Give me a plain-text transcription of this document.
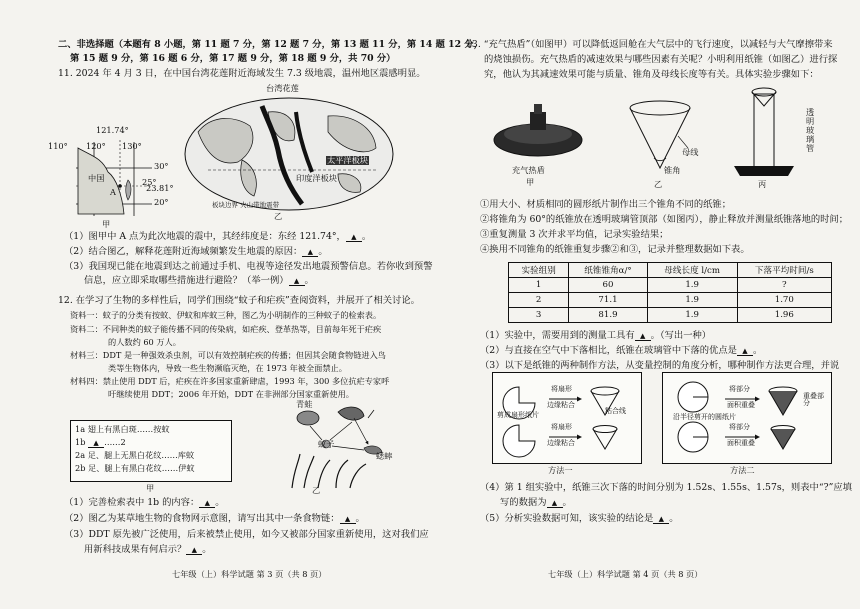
二、非选择题（本题有 8 小题，第 11 题 7 分，第 12 题 7 分，第 13 题 11 分，第 14 题 12 分，
第 15 题 9 分，第 16 题 6 分，第 17 题 9 分，第 18 题 9 分，共 70 分）
11. 2024 年 4 月 3 日，在中国台湾花莲附近海域发生 7.3 级地震，温州地区震感明显。
121.74°
110° 120° 130°
30°
25°
20°
23.81°
中国
A
甲
台湾花莲
太平洋板块
印度洋板块
乙
板块边界 火山带地震带
（1）图甲中 A 点为此次地震的震中，其经纬度是：东经 121.74°， ▲ 。
（2）结合图乙，解释花莲附近海域频繁发生地震的原因： ▲ 。
（3）我国现已能在地震到达之前通过手机、电视等途径发出地震预警信息。若你收到预警
信息，应立即采取哪些措施进行避险？（举一例） ▲ 。
12. 在学习了生物的多样性后，同学们围绕“蚊子和疟疾”查阅资料，并展开了相关讨论。
资料一：蚊子的分类有按蚊、伊蚊和库蚊三种，图乙为小明制作的三种蚊子的检索表。
资料二：不同种类的蚊子能传播不同的传染病，如疟疾、登革热等，目前每年死于疟疾
的人数约 60 万人。
材料三：DDT 是一种强效杀虫剂，可以有效控制疟疾的传播；但因其会随食物链进入鸟
类等生物体内，导致一些生物濒临灭绝，在 1973 年被全面禁止。
材料四：禁止使用 DDT 后，疟疾在许多国家重新肆虐，1993 年，300 多位抗疟专家呼
吁继续使用 DDT；2006 年开始，DDT 在非洲部分国家重新使用。
1a 翅上有黑白斑……按蚊
1b ▲ ……2
2a 足、腿上无黑白花纹……库蚊
2b 足、腿上有黑白花纹……伊蚊
甲
青蛙
蚊子
蟋蟀
乙
（1）完善检索表中 1b 的内容： ▲ 。
（2）图乙为某草地生物的食物网示意图，请写出其中一条食物链： ▲ 。
（3）DDT 原先被广泛使用，后来被禁止使用，如今又被部分国家重新使用，这对我们应
用新科技成果有何启示？ ▲ 。
七年级（上）科学试题 第 3 页（共 8 页）
13. “充气热盾”（如图甲）可以降低返回舱在大气层中的飞行速度，以减轻与大气摩擦带来
的烧蚀损伤。充气热盾的减速效果与哪些因素有关呢？小明利用纸锥（如图乙）进行探
究，他认为其减速效果可能与质量、锥角及母线长度等有关。具体实验步骤如下：
充气热盾
甲
母线
锥角
乙
透明玻璃管
丙
①用大小、材质相同的圆形纸片制作出三个锥角不同的纸锥；
②将锥角为 60°的纸锥放在透明玻璃管顶部（如图丙），静止释放并测量纸锥落地的时间；
③重复测量 3 次并求平均值，记录实验结果；
④换用不同锥角的纸锥重复步骤②和③，记录并整理数据如下表。
实验组别	纸锥锥角α/°	母线长度 l/cm	下落平均时间/s
1	60	1.9	?
2	71.1	1.9	1.70
3	81.9	1.9	1.96
（1）实验中，需要用到的测量工具有 ▲ 。（写出一种）
（2）与直接在空气中下落相比，纸锥在玻璃管中下落的优点是 ▲ 。
（3）以下是纸锥的两种制作方法，从变量控制的角度分析，哪种制作方法更合理，并说
剪成扇形纸片
将扇形
边缘粘合
粘合线
将扇形
边缘粘合
方法一
沿半径剪开的圆纸片
将部分
面积重叠
重叠部分
将部分
面积重叠
方法二
（4）第 1 组实验中，纸锥三次下落的时间分别为 1.52s、1.55s、1.57s，则表中“?”应填
写的数据为 ▲ 。
（5）分析实验数据可知，该实验的结论是 ▲ 。
七年级（上）科学试题 第 4 页（共 8 页）
